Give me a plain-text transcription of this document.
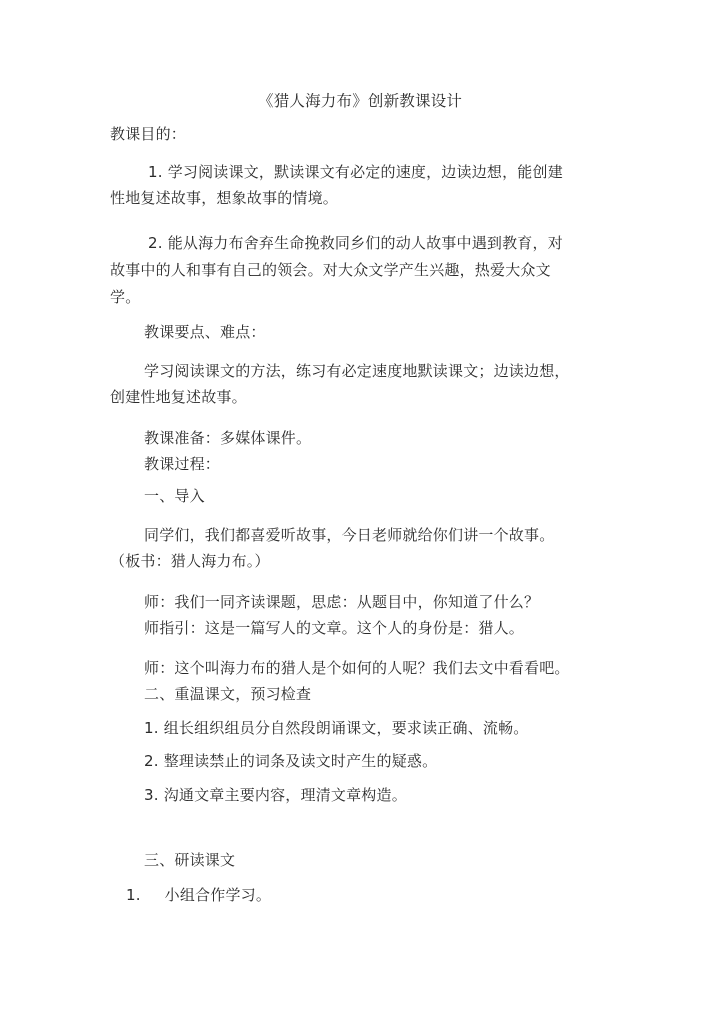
《猎人海力布》创新教课设计
教课目的：
1. 学习阅读课文，默读课文有必定的速度，边读边想，能创建
性地复述故事，想象故事的情境。
2. 能从海力布舍弃生命挽救同乡们的动人故事中遇到教育，对
故事中的人和事有自己的领会。对大众文学产生兴趣，热爱大众文
学。
教课要点、难点：
学习阅读课文的方法，练习有必定速度地默读课文；边读边想，
创建性地复述故事。
教课准备：多媒体课件。
教课过程：
一、导入
同学们，我们都喜爱听故事，今日老师就给你们讲一个故事。
（板书：猎人海力布。）
师：我们一同齐读课题，思虑：从题目中，你知道了什么？
师指引：这是一篇写人的文章。这个人的身份是：猎人。
师：这个叫海力布的猎人是个如何的人呢？我们去文中看看吧。
二、重温课文，预习检查
1. 组长组织组员分自然段朗诵课文，要求读正确、流畅。
2. 整理读禁止的词条及读文时产生的疑惑。
3. 沟通文章主要内容，理清文章构造。
三、研读课文
1. 小组合作学习。
